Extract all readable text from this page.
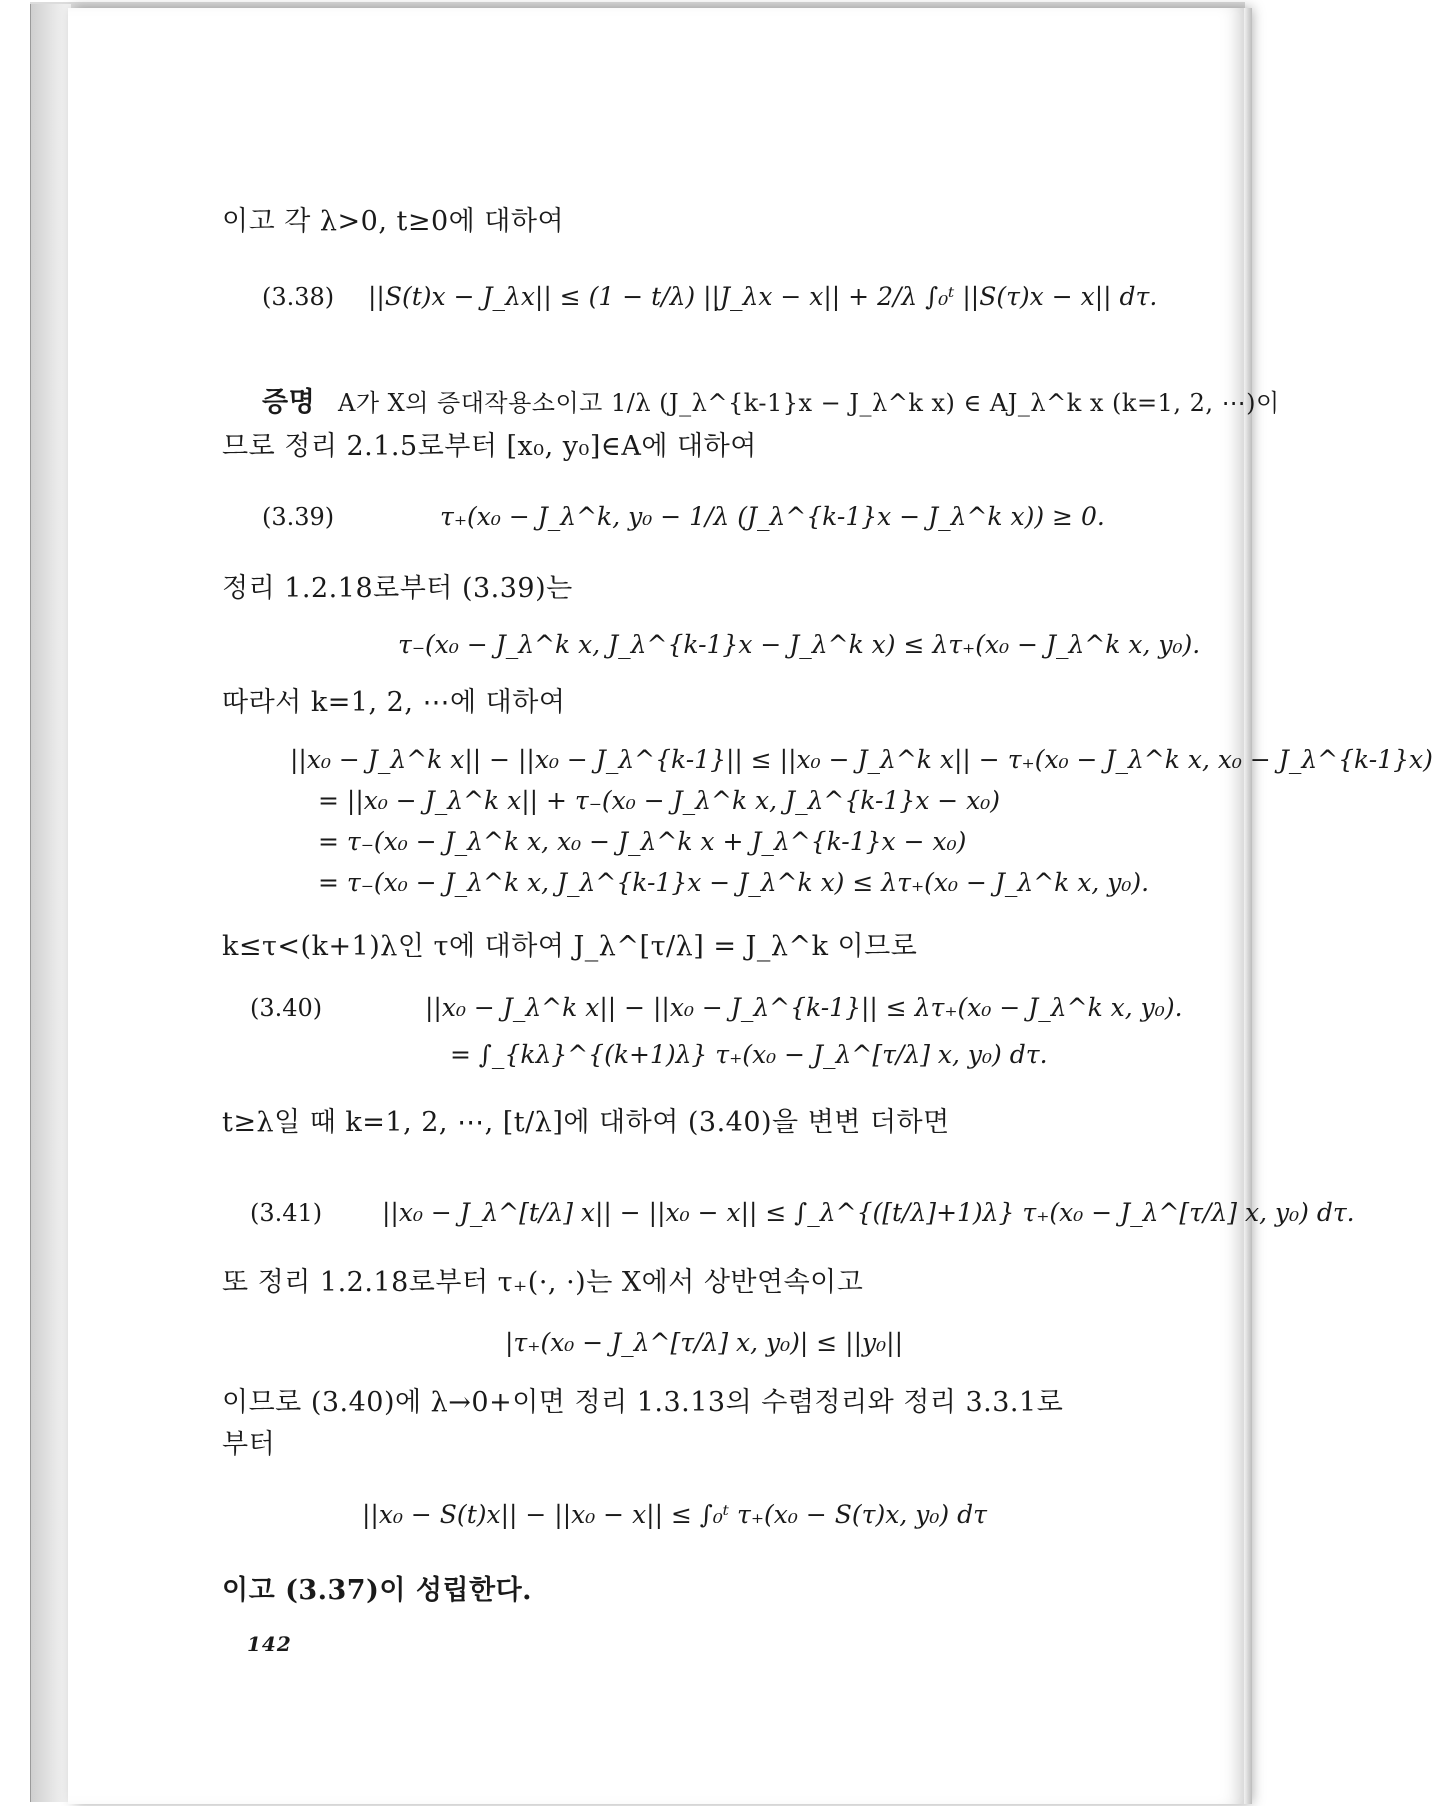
이고 각 λ>0, t≥0에 대하여
(3.38) ||S(t)x − J_λx|| ≤ (1 − t/λ) ||J_λx − x|| + 2/λ ∫₀ᵗ ||S(τ)x − x|| dτ.
증명 A가 X의 증대작용소이고 1/λ (J_λ^{k-1}x − J_λ^k x) ∈ AJ_λ^k x (k=1, 2, ⋯)이
므로 정리 2.1.5로부터 [x₀, y₀]∈A에 대하여
(3.39)	τ₊(x₀ − J_λ^k, y₀ − 1/λ (J_λ^{k-1}x − J_λ^k x)) ≥ 0.
정리 1.2.18로부터 (3.39)는
τ₋(x₀ − J_λ^k x, J_λ^{k-1}x − J_λ^k x) ≤ λτ₊(x₀ − J_λ^k x, y₀).
따라서 k=1, 2, ⋯에 대하여
||x₀ − J_λ^k x|| − ||x₀ − J_λ^{k-1}|| ≤ ||x₀ − J_λ^k x|| − τ₊(x₀ − J_λ^k x, x₀ − J_λ^{k-1}x)
= ||x₀ − J_λ^k x|| + τ₋(x₀ − J_λ^k x, J_λ^{k-1}x − x₀)
= τ₋(x₀ − J_λ^k x, x₀ − J_λ^k x + J_λ^{k-1}x − x₀)
= τ₋(x₀ − J_λ^k x, J_λ^{k-1}x − J_λ^k x) ≤ λτ₊(x₀ − J_λ^k x, y₀).
k≤τ<(k+1)λ인 τ에 대하여 J_λ^[τ/λ] = J_λ^k 이므로
(3.40)	||x₀ − J_λ^k x|| − ||x₀ − J_λ^{k-1}|| ≤ λτ₊(x₀ − J_λ^k x, y₀).
= ∫_{kλ}^{(k+1)λ} τ₊(x₀ − J_λ^[τ/λ] x, y₀) dτ.
t≥λ일 때 k=1, 2, ⋯, [t/λ]에 대하여 (3.40)을 변변 더하면
(3.41) ||x₀ − J_λ^[t/λ] x|| − ||x₀ − x|| ≤ ∫_λ^{([t/λ]+1)λ} τ₊(x₀ − J_λ^[τ/λ] x, y₀) dτ.
또 정리 1.2.18로부터 τ₊(·, ·)는 X에서 상반연속이고
|τ₊(x₀ − J_λ^[τ/λ] x, y₀)| ≤ ||y₀||
이므로 (3.40)에 λ→0+이면 정리 1.3.13의 수렴정리와 정리 3.3.1로
부터
||x₀ − S(t)x|| − ||x₀ − x|| ≤ ∫₀ᵗ τ₊(x₀ − S(τ)x, y₀) dτ
이고 (3.37)이 성립한다.
142
